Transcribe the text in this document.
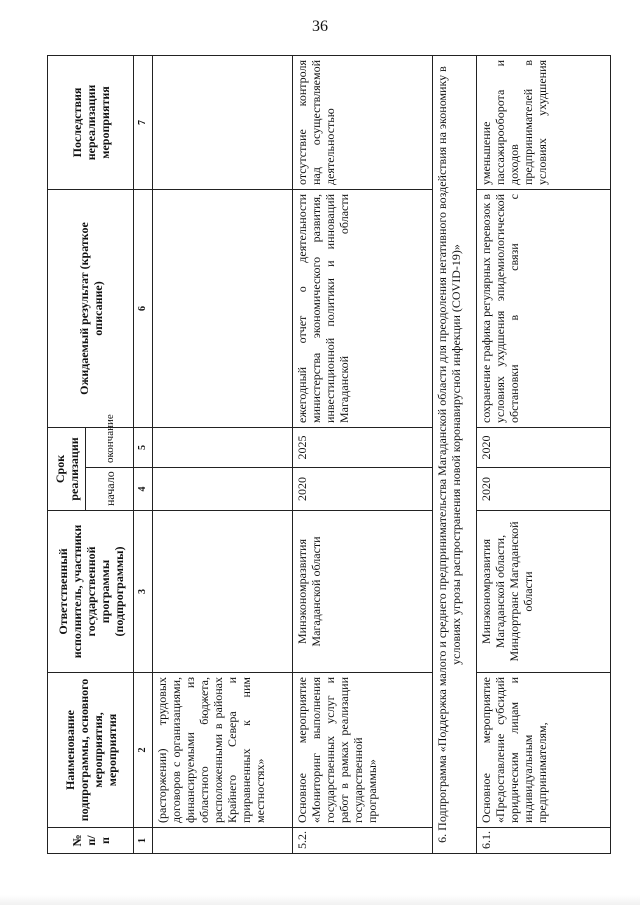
36
№ п/п	Наименование подпрограммы, основного мероприятия, мероприятия	Ответственный исполнитель, участники государственной программы (подпрограммы)	Срок реализации		Ожидаемый результат (краткое описание)	Последствия нереализации мероприятия
			начало	окончание		
1	2	3	4	5	6	7
	(расторжении) трудовых договоров с организациями, финансируемыми из областного бюджета, расположенными в районах Крайнего Севера и приравненных к ним местностях»					
5.2.	Основное мероприятие «Мониторинг выполнения государственных услуг и работ в рамках реализации государственной программы»	Минэкономразвития Магаданской области	2020	2025	ежегодный отчет о деятельности министерства экономического развития, инвестиционной политики и инноваций Магаданской области	отсутствие контроля над осуществляемой деятельностью
6. Подпрограмма «Поддержка малого и среднего предпринимательства Магаданской области для преодоления негативного воздействия на экономику в условиях угрозы распространения новой коронавирусной инфекции (COVID-19)»						
6.1.	Основное мероприятие «Предоставление субсидий юридическим лицам и индивидуальным предпринимателям,	Минэкономразвития Магаданской области, Миндортранс Магаданской области	2020	2020	сохранение графика регулярных перевозок в условиях ухудшения эпидемиологической обстановки в связи с	уменьшение пассажирооборота и доходов предпринимателей в условиях ухудшения
